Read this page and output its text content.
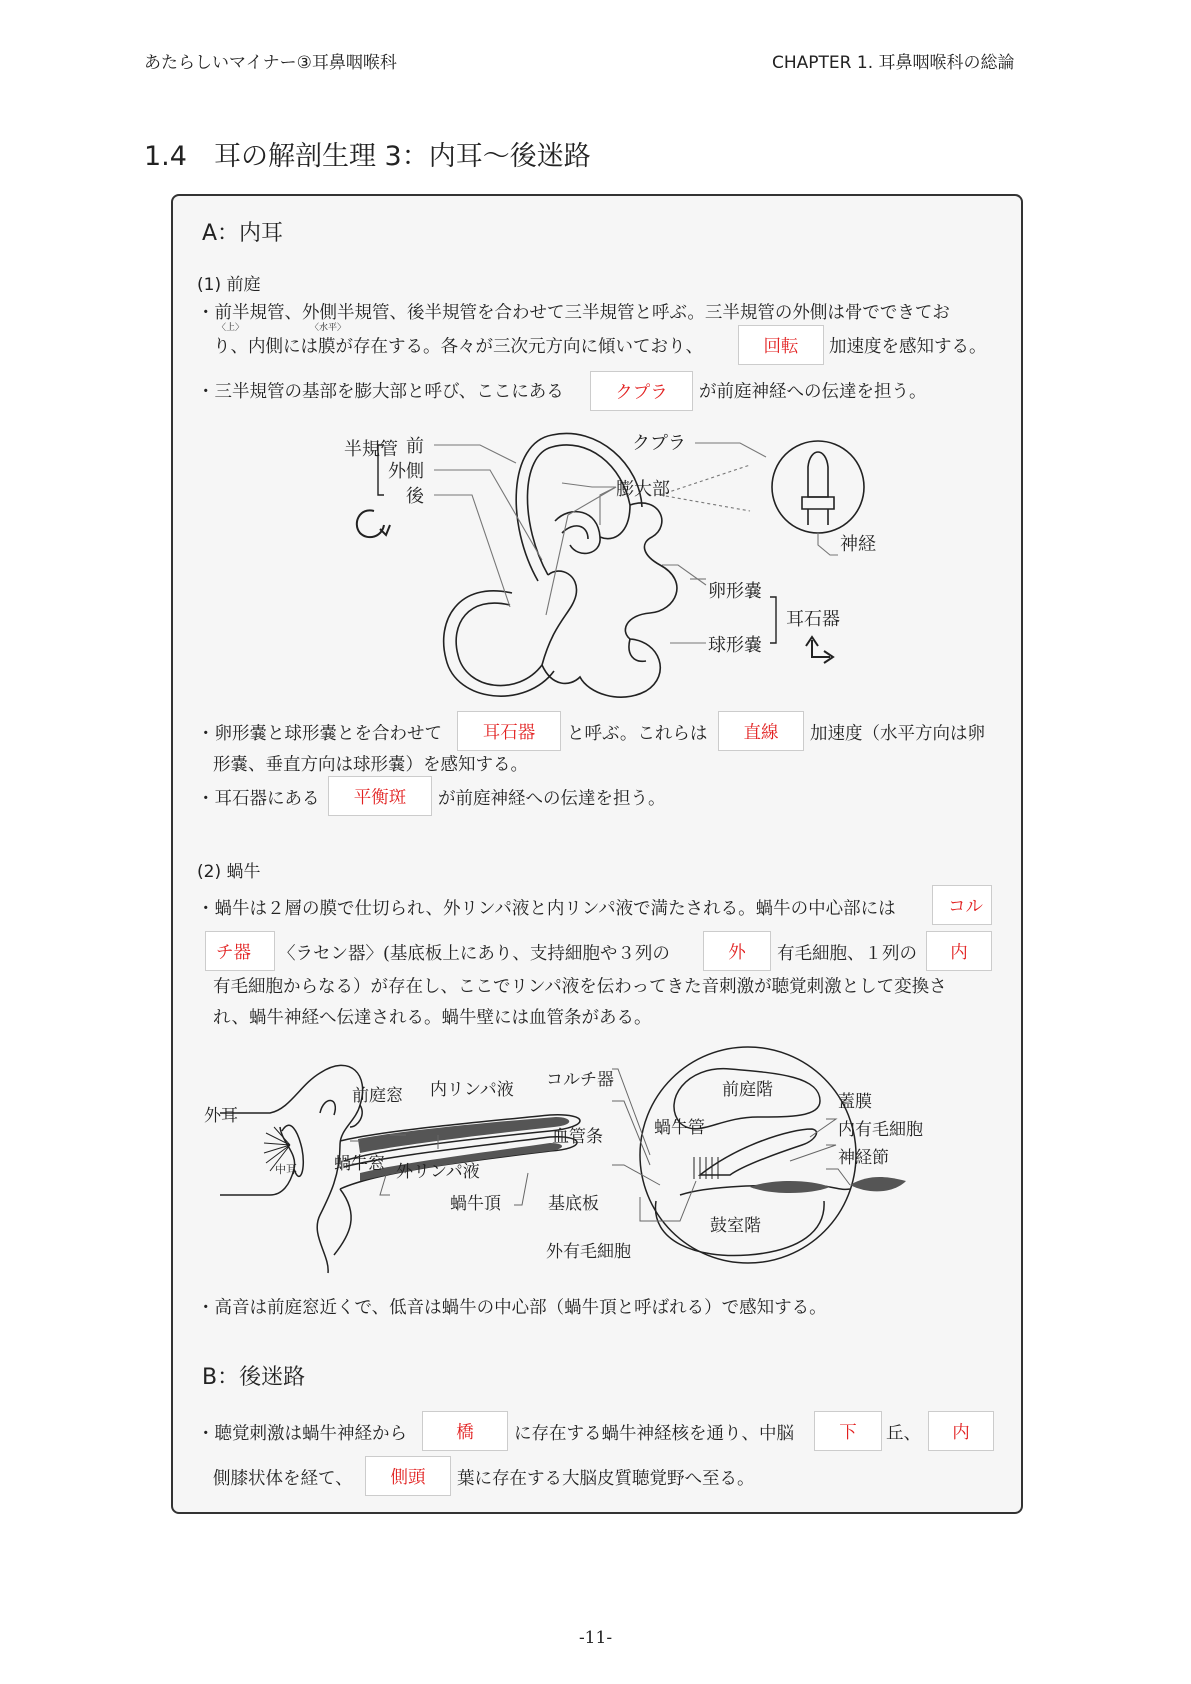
あたらしいマイナー③耳鼻咽喉科	CHAPTER 1. 耳鼻咽喉科の総論
1.4　耳の解剖生理 3：内耳～後迷路
A：内耳
(1) 前庭
・前半規管、外側半規管、後半規管を合わせて三半規管と呼ぶ。三半規管の外側は骨でできてお
〈上〉	〈水平〉
り、内側には膜が存在する。各々が三次元方向に傾いており、	回転	加速度を感知する。
・三半規管の基部を膨大部と呼び、ここにある	クプラ	が前庭神経への伝達を担う。
半規管 前
外側
後
クプラ
膨大部
神経
卵形嚢
球形嚢
耳石器
・卵形嚢と球形嚢とを合わせて	耳石器	と呼ぶ。これらは	直線	加速度（水平方向は卵
形嚢、垂直方向は球形嚢）を感知する。
・耳石器にある	平衡斑	が前庭神経への伝達を担う。
(2) 蝸牛
・蝸牛は２層の膜で仕切られ、外リンパ液と内リンパ液で満たされる。蝸牛の中心部には	コル
チ器	〈ラセン器〉(基底板上にあり、支持細胞や３列の	外	有毛細胞、１列の	内
有毛細胞からなる）が存在し、ここでリンパ液を伝わってきた音刺激が聴覚刺激として変換さ
れ、蝸牛神経へ伝達される。蝸牛壁には血管条がある。
外耳
中耳
前庭窓
蝸牛窓
内リンパ液
外リンパ液
蝸牛頂
コルチ器
血管条	蝸牛管
基底板
外有毛細胞
前庭階
蓋膜
内有毛細胞
神経節
鼓室階
・高音は前庭窓近くで、低音は蝸牛の中心部（蝸牛頂と呼ばれる）で感知する。
B：後迷路
・聴覚刺激は蝸牛神経から	橋	に存在する蝸牛神経核を通り、中脳	下	丘、	内
側膝状体を経て、	側頭	葉に存在する大脳皮質聴覚野へ至る。
-11-
